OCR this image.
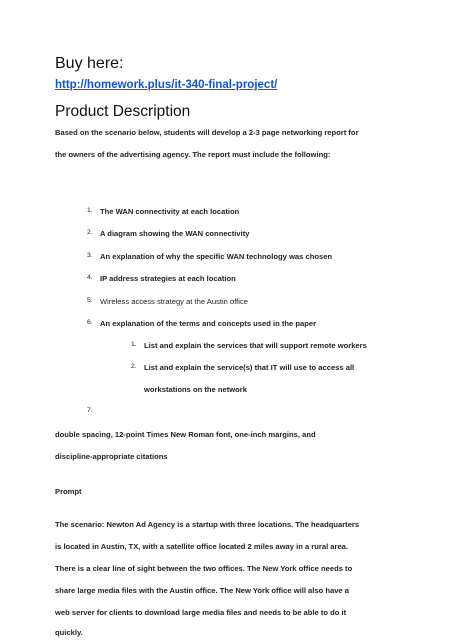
Buy here:
http://homework.plus/it-340-final-project/
Product Description

Based on the scenario below, students will develop a 2-3 page networking report for

the owners of the advertising agency. The report must include the following:

1. The WAN connectivity at each location
2. A diagram showing the WAN connectivity
3. An explanation of why the specific WAN technology was chosen
4. IP address strategies at each location
5. Wireless access strategy at the Austin office
6. An explanation of the terms and concepts used in the paper
1. List and explain the services that will support remote workers
2. List and explain the service(s) that IT will use to access all
workstations on the network
7.

double spacing, 12-point Times New Roman font, one-inch margins, and

discipline-appropriate citations

Prompt

The scenario: Newton Ad Agency is a startup with three locations. The headquarters

is located in Austin, TX, with a satellite office located 2 miles away in a rural area.

There is a clear line of sight between the two offices. The New York office needs to

share large media files with the Austin office. The New York office will also have a

web server for clients to download large media files and needs to be able to do it

quickly.
